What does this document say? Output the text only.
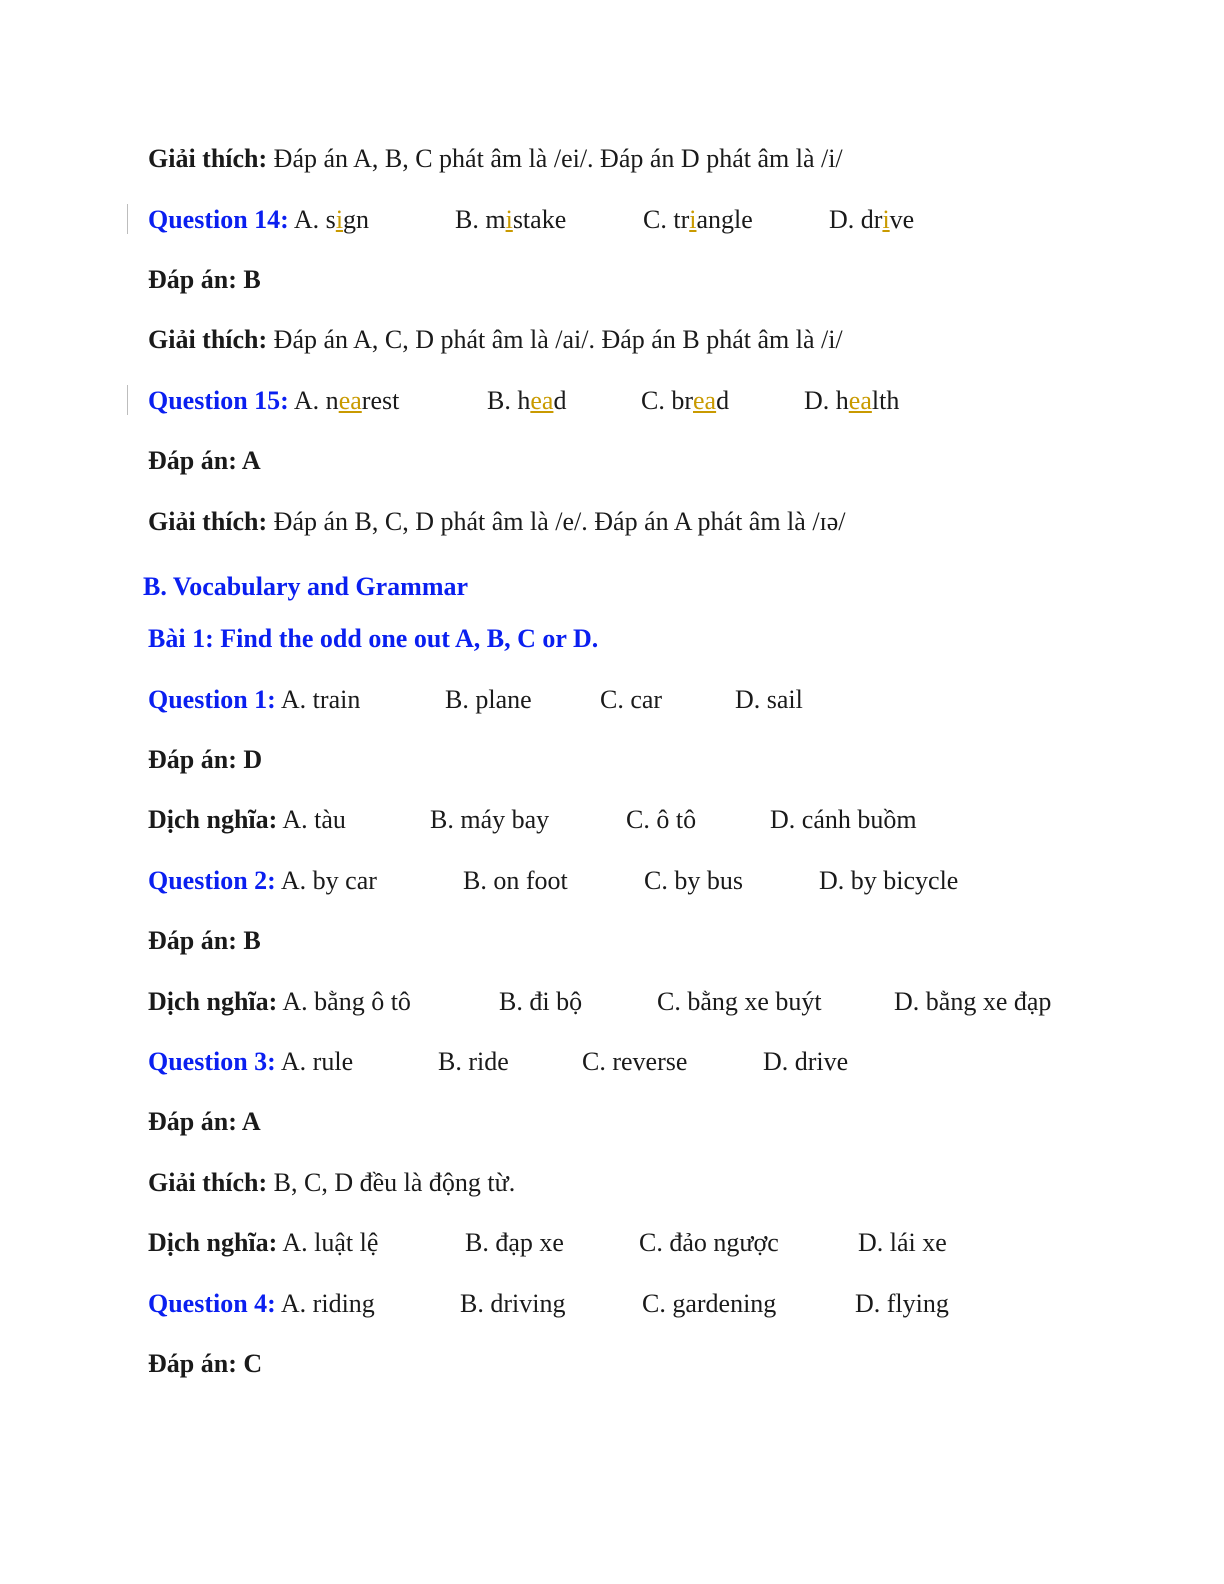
Giải thích: Đáp án A, B, C phát âm là /ei/. Đáp án D phát âm là /i/
Question 14: A. sign	B. mistake	C. triangle	D. drive
Đáp án: B
Giải thích: Đáp án A, C, D phát âm là /ai/. Đáp án B phát âm là /i/
Question 15: A. nearest	B. head	C. bread	D. health
Đáp án: A
Giải thích: Đáp án B, C, D phát âm là /e/. Đáp án A phát âm là /ɪə/
B. Vocabulary and Grammar
Bài 1: Find the odd one out A, B, C or D.
Question 1: A. train	B. plane	C. car	D. sail
Đáp án: D
Dịch nghĩa: A. tàu	B. máy bay	C. ô tô	D. cánh buồm
Question 2: A. by car	B. on foot	C. by bus	D. by bicycle
Đáp án: B
Dịch nghĩa: A. bằng ô tô	B. đi bộ	C. bằng xe buýt	D. bằng xe đạp
Question 3: A. rule	B. ride	C. reverse	D. drive
Đáp án: A
Giải thích: B, C, D đều là động từ.
Dịch nghĩa: A. luật lệ	B. đạp xe	C. đảo ngược	D. lái xe
Question 4: A. riding	B. driving	C. gardening	D. flying
Đáp án: C
